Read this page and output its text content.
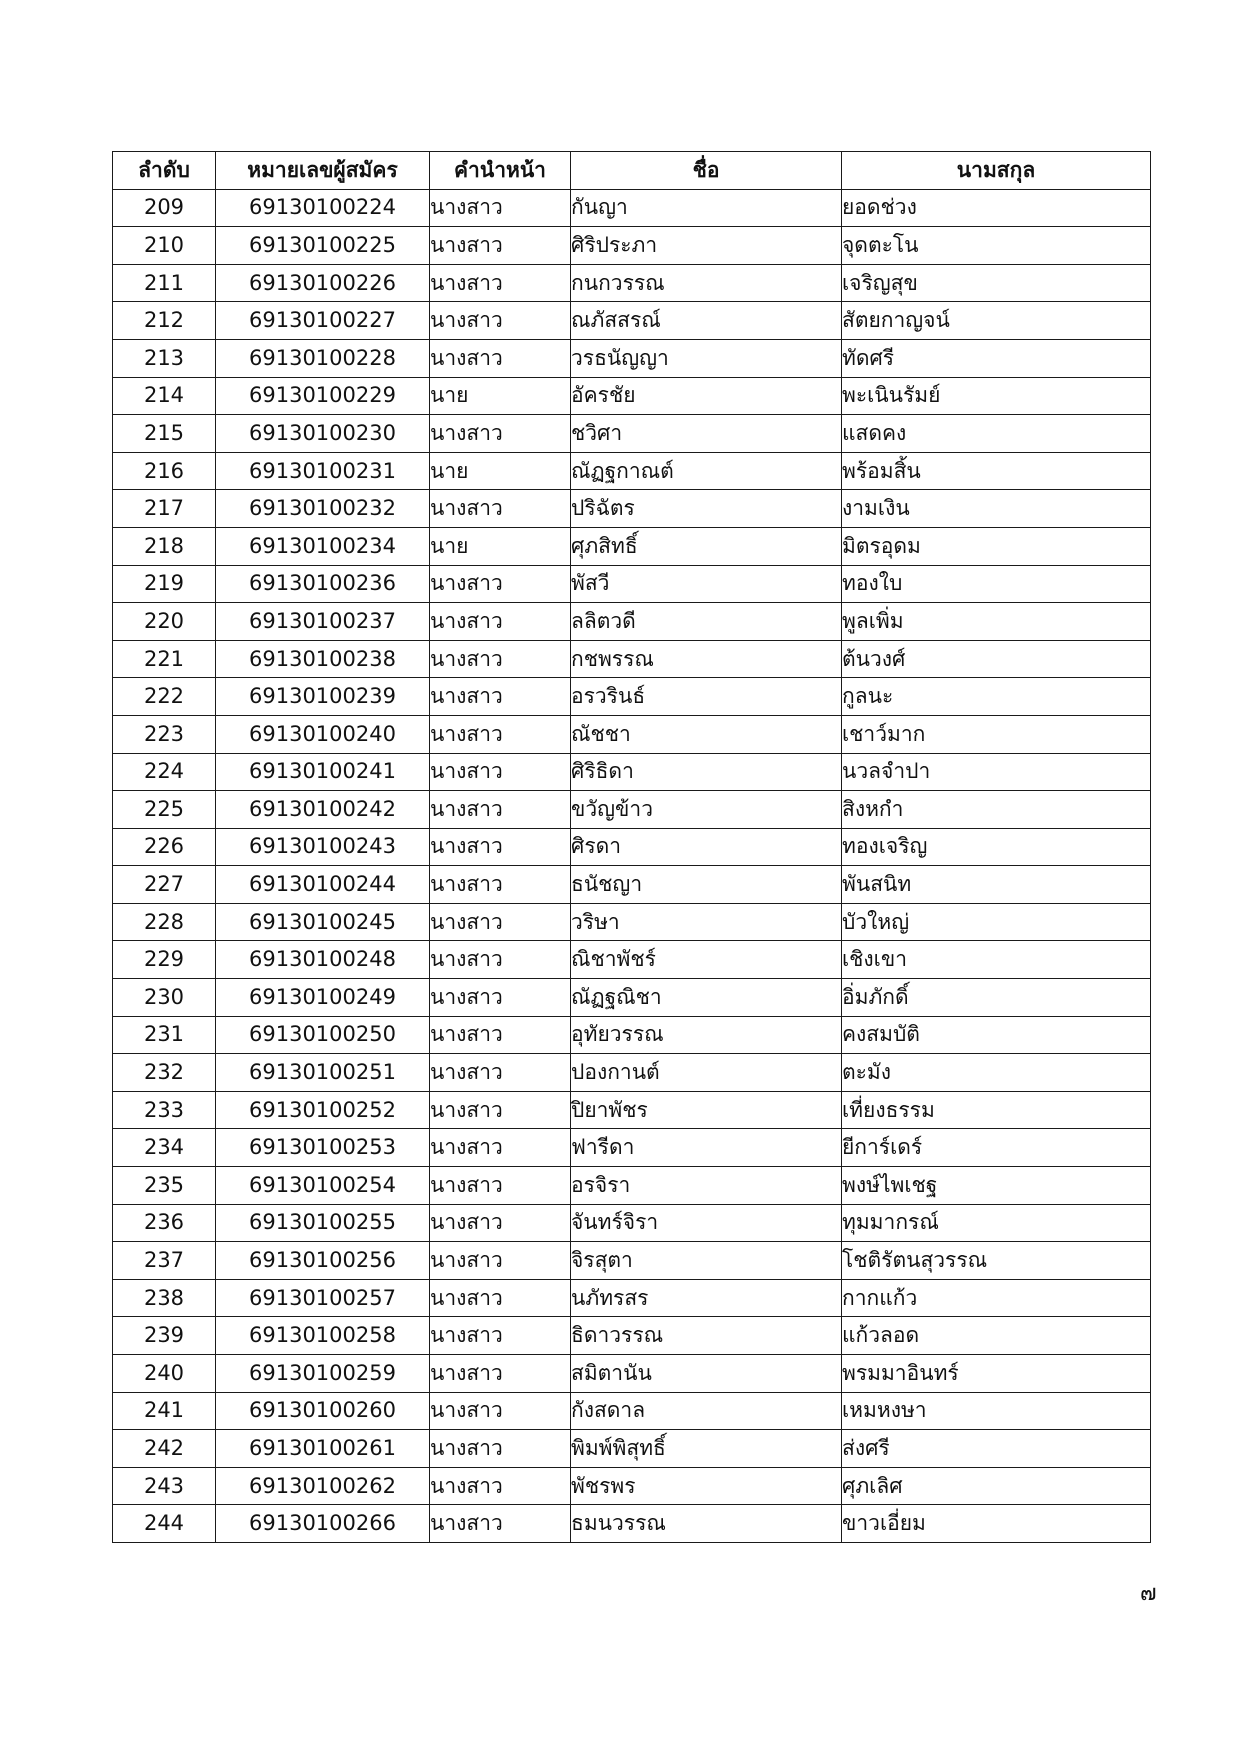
ลำดับ	หมายเลขผู้สมัคร	คำนำหน้า	ชื่อ	นามสกุล
209	69130100224	นางสาว	กันญา	ยอดช่วง
210	69130100225	นางสาว	ศิริประภา	จุดตะโน
211	69130100226	นางสาว	กนกวรรณ	เจริญสุข
212	69130100227	นางสาว	ณภัสสรณ์	สัตยกาญจน์
213	69130100228	นางสาว	วรธนัญญา	ทัดศรี
214	69130100229	นาย	อัครชัย	พะเนินรัมย์
215	69130100230	นางสาว	ชวิศา	แสดคง
216	69130100231	นาย	ณัฏฐกาณต์	พร้อมสิ้น
217	69130100232	นางสาว	ปริฉัตร	งามเงิน
218	69130100234	นาย	ศุภสิทธิ์	มิตรอุดม
219	69130100236	นางสาว	พัสวี	ทองใบ
220	69130100237	นางสาว	ลลิตวดี	พูลเพิ่ม
221	69130100238	นางสาว	กชพรรณ	ต้นวงศ์
222	69130100239	นางสาว	อรวรินธ์	กูลนะ
223	69130100240	นางสาว	ณัชชา	เชาว์มาก
224	69130100241	นางสาว	ศิริธิดา	นวลจำปา
225	69130100242	นางสาว	ขวัญข้าว	สิงหกำ
226	69130100243	นางสาว	ศิรดา	ทองเจริญ
227	69130100244	นางสาว	ธนัชญา	พันสนิท
228	69130100245	นางสาว	วริษา	บัวใหญ่
229	69130100248	นางสาว	ณิชาพัชร์	เชิงเขา
230	69130100249	นางสาว	ณัฏฐณิชา	อิ่มภักดิ์
231	69130100250	นางสาว	อุทัยวรรณ	คงสมบัติ
232	69130100251	นางสาว	ปองกานต์	ตะมัง
233	69130100252	นางสาว	ปิยาพัชร	เที่ยงธรรม
234	69130100253	นางสาว	ฟารีดา	ยีการ์เดร์
235	69130100254	นางสาว	อรจิรา	พงษ์ไพเชฐ
236	69130100255	นางสาว	จันทร์จิรา	ทุมมากรณ์
237	69130100256	นางสาว	จิรสุตา	โชติรัตนสุวรรณ
238	69130100257	นางสาว	นภัทรสร	กากแก้ว
239	69130100258	นางสาว	ธิดาวรรณ	แก้วลอด
240	69130100259	นางสาว	สมิตานัน	พรมมาอินทร์
241	69130100260	นางสาว	กังสดาล	เหมหงษา
242	69130100261	นางสาว	พิมพ์พิสุทธิ์	ส่งศรี
243	69130100262	นางสาว	พัชรพร	ศุภเลิศ
244	69130100266	นางสาว	ธมนวรรณ	ขาวเอี่ยม
๗
